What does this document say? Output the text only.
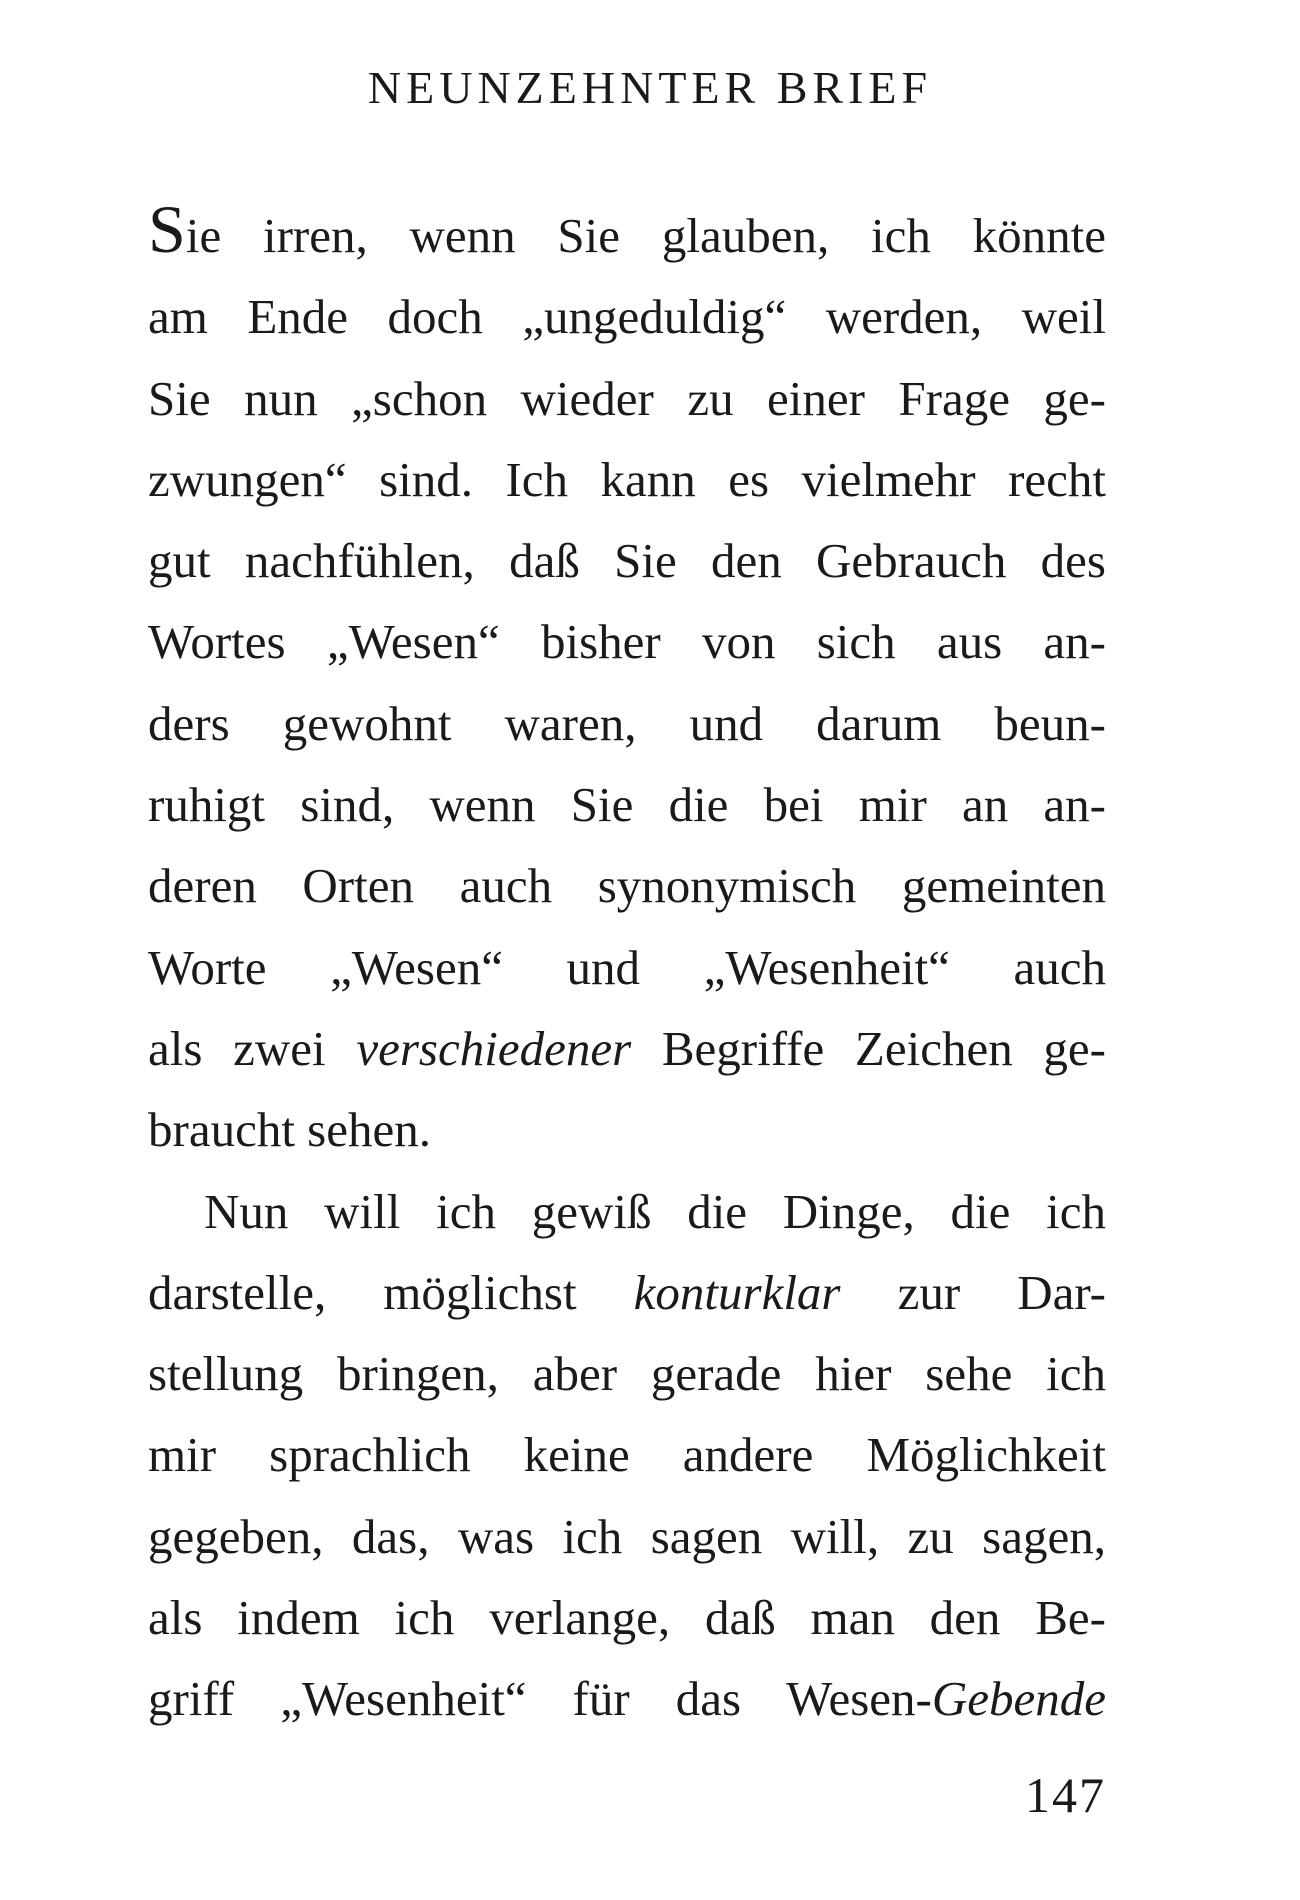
NEUNZEHNTER BRIEF
Sie irren, wenn Sie glauben, ich könnte
am Ende doch „ungeduldig“ werden, weil
Sie nun „schon wieder zu einer Frage ge-
zwungen“ sind. Ich kann es vielmehr recht
gut nachfühlen, daß Sie den Gebrauch des
Wortes „Wesen“ bisher von sich aus an-
ders gewohnt waren, und darum beun-
ruhigt sind, wenn Sie die bei mir an an-
deren Orten auch synonymisch gemeinten
Worte „Wesen“ und „Wesenheit“ auch
als zwei verschiedener Begriffe Zeichen ge-
braucht sehen.
Nun will ich gewiß die Dinge, die ich
darstelle, möglichst konturklar zur Dar-
stellung bringen, aber gerade hier sehe ich
mir sprachlich keine andere Möglichkeit
gegeben, das, was ich sagen will, zu sagen,
als indem ich verlange, daß man den Be-
griff „Wesenheit“ für das Wesen-Gebende
147
